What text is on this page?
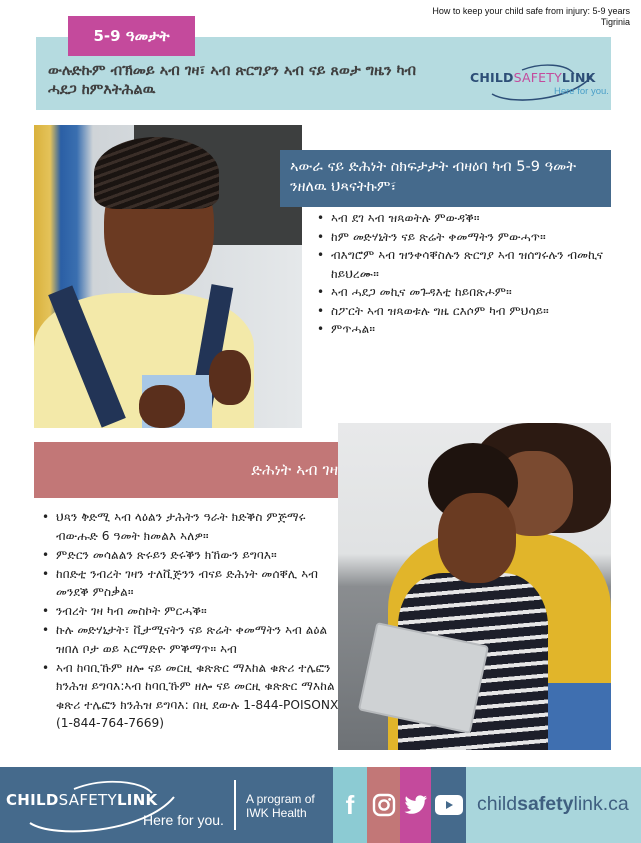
How to keep your child safe from injury: 5-9 years
Tigrinia
5-9 ዓመታት
ውሉድኩም ብኽመይ ኣብ ገዛ፣ ኣብ ጽርግያን ኣብ ናይ ጸወታ ግዜን ካብ ሓደጋ ከምእትሕልዉ
CHILDSAFETYLINK
Here for you.
ኣውራ ናይ ድሕነት ስክፍታታት ብዛዕባ ካብ 5-9 ዓመት ንዘለዉ ህጻናትኩም፣
• ኣብ ደገ ኣብ ዝጻወትሉ ምውዳቕ።
• ከም መድሃኒትን ናይ ጽሬት ቀመማትን ምውሓጥ።
• ብእግሮም ኣብ ዝንቀሳቐስሉን ጽርግያ ኣብ ዝሰግሩሉን ብመኪና ከይህረሙ።
• ኣብ ሓደጋ መኪና መጉዳእቲ ከይበጽሖም።
• ስፖርት ኣብ ዝጻወቱሉ ግዜ ርእሶም ካብ ምህሳይ።
• ምጥሓል።
ድሕነት ኣብ ገዛ
• ህጻን ቅድሚ ኣብ ላዕልን ታሕትን ዓራት ክድቕስ ምጅማሩ ብውሑድ 6 ዓመት ክመልእ ኣለዎ።
• ምድርን መሳልልን ጽሩይን ድሩቕን ክኸውን ይግባእ።
• ከበድቲ ንብረት ገዛን ተለቪጅንን ብናይ ድሕነት መሰቐሊ ኣብ መንደቕ ምስቃል።
• ንብረት ገዛ ካብ መስኮት ምርሓቕ።
• ኩሉ መድሃኒታት፣ ቪታሚናትን ናይ ጽሬት ቀመማትን ኣብ ልዕል ዝበለ ቦታ ወይ ኣርማድዮ ምቕማጥ። ኣብ
• ኣብ ከባቢኹም ዘሎ ናይ መርዚ ቁጽጽር ማእከል ቁጽሪ ተሌፎን ክንሕዝ ይግባእ:ኣብ ከባቢኹም ዘሎ ናይ መርዚ ቁጽጽር ማእከል ቁጽሪ ተሌፎን ክንሕዝ ይግባእ: በዚ ደውሉ 1-844-POISONX (1-844-764-7669)
CHILDSAFETYLINK
Here for you.
A program of
IWK Health	f	childsafetylink.ca
